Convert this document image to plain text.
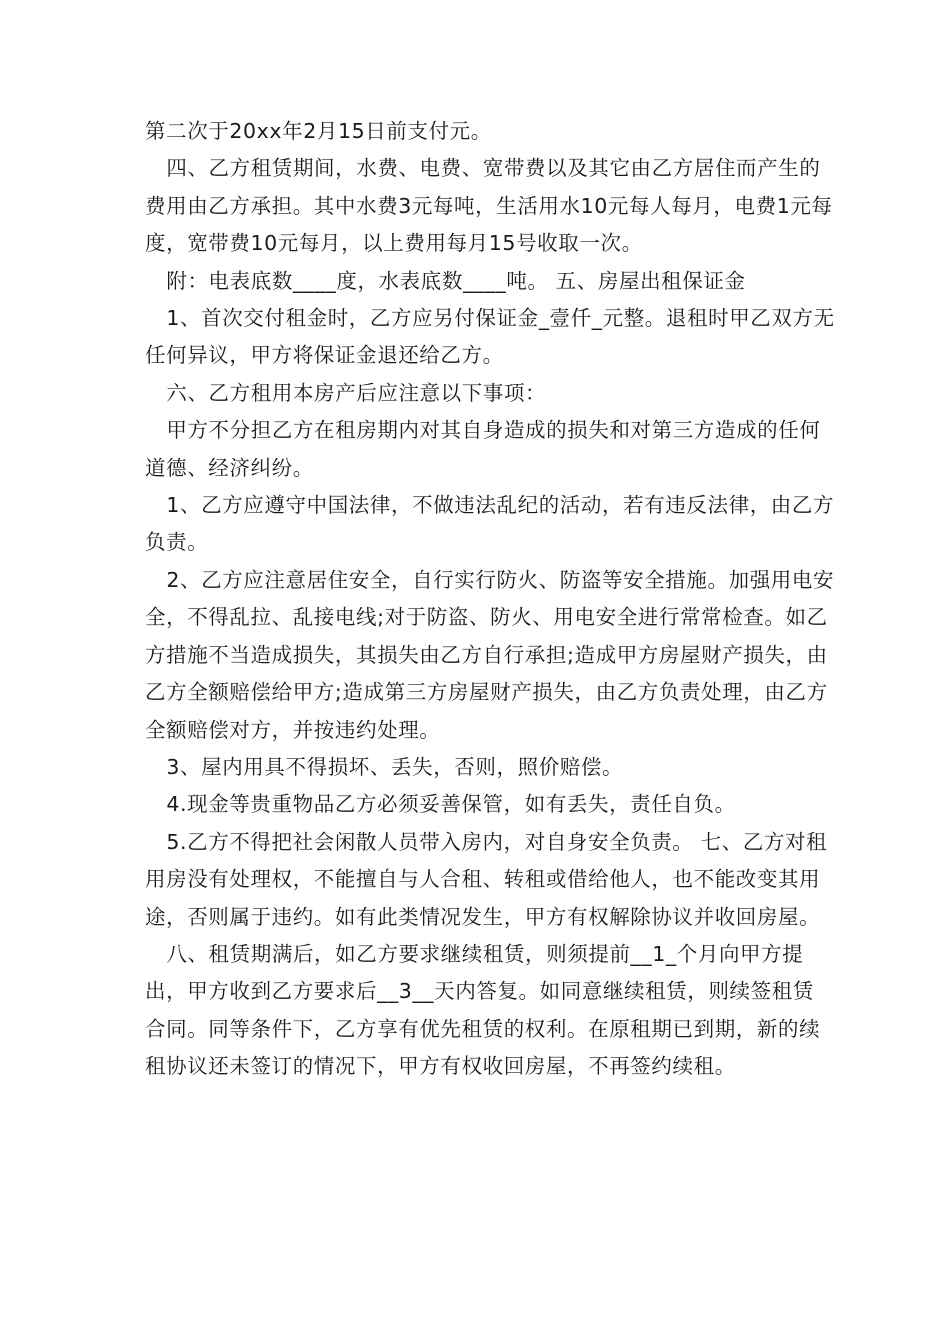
第二次于20xx年2月15日前支付元。

四、乙方租赁期间，水费、电费、宽带费以及其它由乙方居住而产生的费用由乙方承担。其中水费3元每吨，生活用水10元每人每月，电费1元每度，宽带费10元每月，以上费用每月15号收取一次。

附：电表底数____度，水表底数____吨。 五、房屋出租保证金

1、首次交付租金时，乙方应另付保证金_壹仟_元整。退租时甲乙双方无任何异议，甲方将保证金退还给乙方。

六、乙方租用本房产后应注意以下事项：

甲方不分担乙方在租房期内对其自身造成的损失和对第三方造成的任何道德、经济纠纷。

1、乙方应遵守中国法律，不做违法乱纪的活动，若有违反法律，由乙方负责。

2、乙方应注意居住安全，自行实行防火、防盗等安全措施。加强用电安全，不得乱拉、乱接电线;对于防盗、防火、用电安全进行常常检查。如乙方措施不当造成损失，其损失由乙方自行承担;造成甲方房屋财产损失，由乙方全额赔偿给甲方;造成第三方房屋财产损失，由乙方负责处理，由乙方全额赔偿对方，并按违约处理。

3、屋内用具不得损坏、丢失，否则，照价赔偿。

4.现金等贵重物品乙方必须妥善保管，如有丢失，责任自负。

5.乙方不得把社会闲散人员带入房内，对自身安全负责。 七、乙方对租用房没有处理权，不能擅自与人合租、转租或借给他人，也不能改变其用途，否则属于违约。如有此类情况发生，甲方有权解除协议并收回房屋。

八、租赁期满后，如乙方要求继续租赁，则须提前__1_个月向甲方提出，甲方收到乙方要求后__3__天内答复。如同意继续租赁，则续签租赁合同。同等条件下，乙方享有优先租赁的权利。在原租期已到期，新的续租协议还未签订的情况下，甲方有权收回房屋，不再签约续租。
